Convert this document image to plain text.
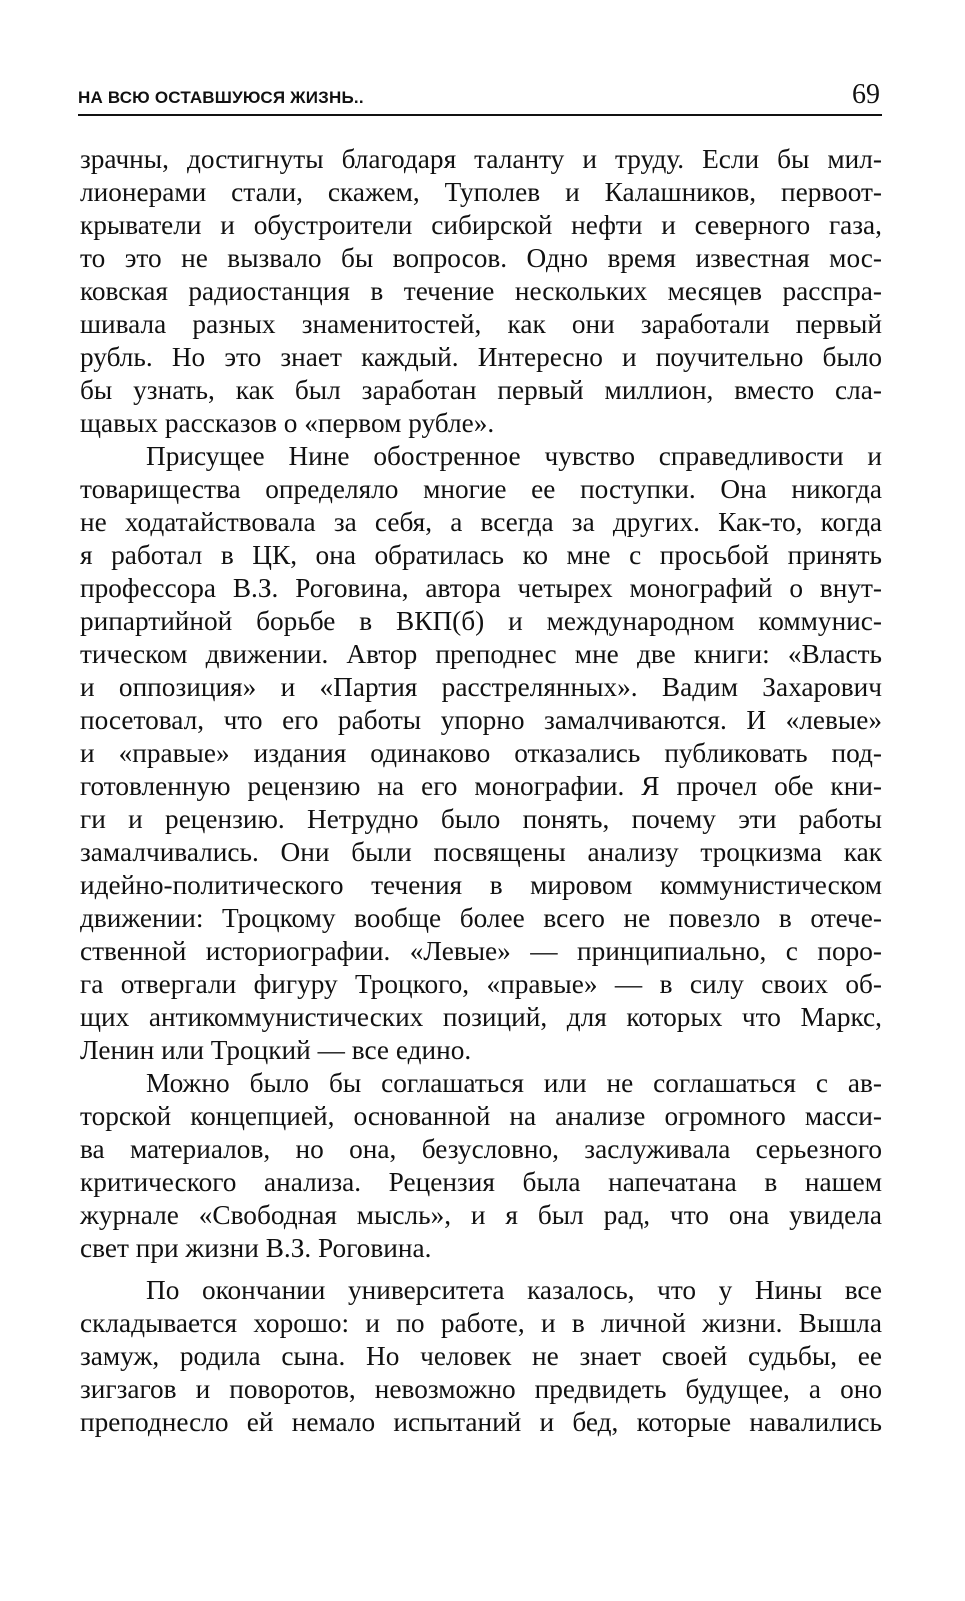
НА ВСЮ ОСТАВШУЮСЯ ЖИЗНЬ..	69
зрачны, достигнуты благодаря таланту и труду. Если бы мил-
лионерами стали, скажем, Туполев и Калашников, первоот-
крыватели и обустроители сибирской нефти и северного газа,
то это не вызвало бы вопросов. Одно время известная мос-
ковская радиостанция в течение нескольких месяцев расспра-
шивала разных знаменитостей, как они заработали первый
рубль. Но это знает каждый. Интересно и поучительно было
бы узнать, как был заработан первый миллион, вместо сла-
щавых рассказов о «первом рубле».
Присущее Нине обостренное чувство справедливости и
товарищества определяло многие ее поступки. Она никогда
не ходатайствовала за себя, а всегда за других. Как-то, когда
я работал в ЦК, она обратилась ко мне с просьбой принять
профессора В.З. Роговина, автора четырех монографий о внут-
рипартийной борьбе в ВКП(б) и международном коммунис-
тическом движении. Автор преподнес мне две книги: «Власть
и оппозиция» и «Партия расстрелянных». Вадим Захарович
посетовал, что его работы упорно замалчиваются. И «левые»
и «правые» издания одинаково отказались публиковать под-
готовленную рецензию на его монографии. Я прочел обе кни-
ги и рецензию. Нетрудно было понять, почему эти работы
замалчивались. Они были посвящены анализу троцкизма как
идейно-политического течения в мировом коммунистическом
движении: Троцкому вообще более всего не повезло в отече-
ственной историографии. «Левые» — принципиально, с поро-
га отвергали фигуру Троцкого, «правые» — в силу своих об-
щих антикоммунистических позиций, для которых что Маркс,
Ленин или Троцкий — все едино.
Можно было бы соглашаться или не соглашаться с ав-
торской концепцией, основанной на анализе огромного масси-
ва материалов, но она, безусловно, заслуживала серьезного
критического анализа. Рецензия была напечатана в нашем
журнале «Свободная мысль», и я был рад, что она увидела
свет при жизни В.З. Роговина.
По окончании университета казалось, что у Нины все
складывается хорошо: и по работе, и в личной жизни. Вышла
замуж, родила сына. Но человек не знает своей судьбы, ее
зигзагов и поворотов, невозможно предвидеть будущее, а оно
преподнесло ей немало испытаний и бед, которые навалились
